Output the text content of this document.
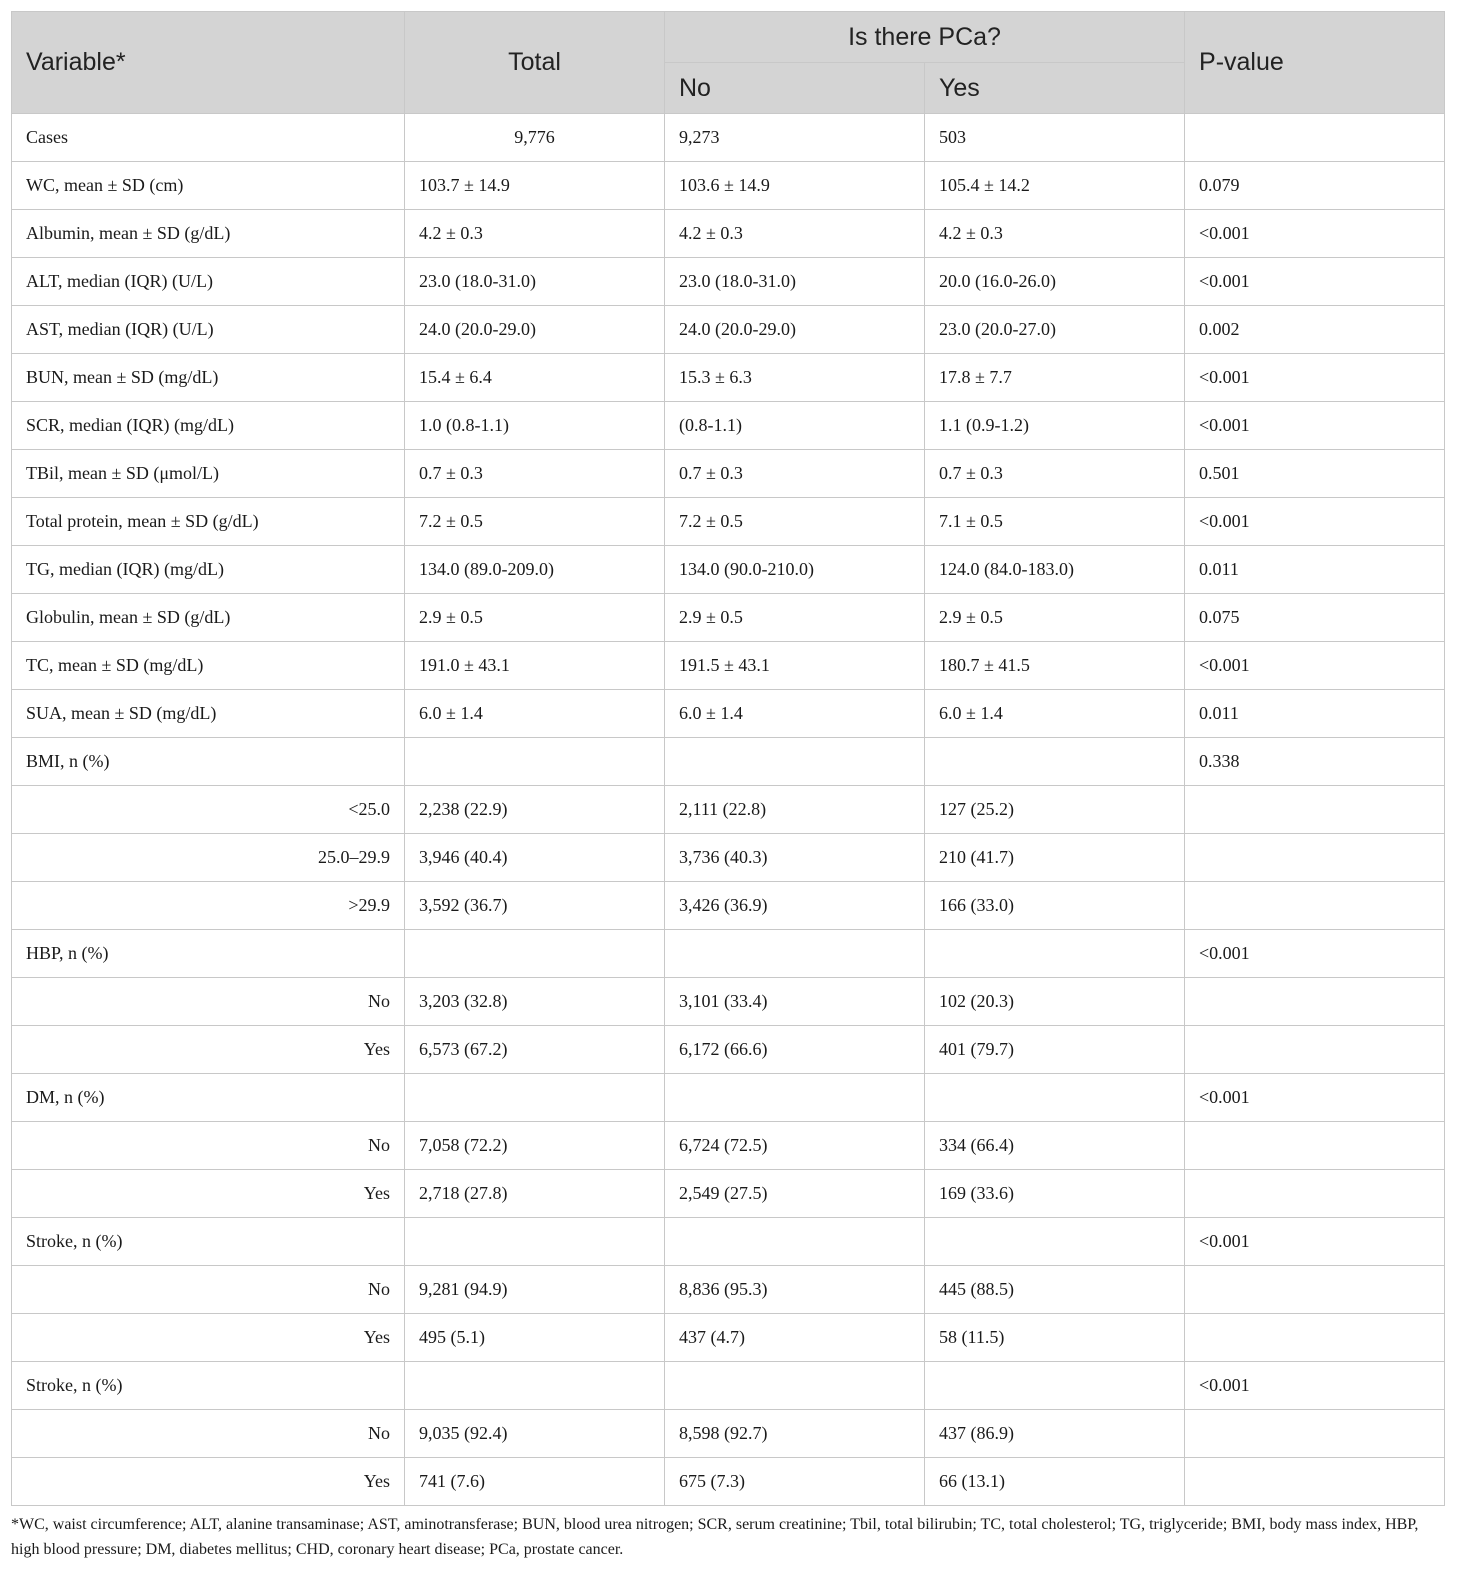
Variable*	Total	Is there PCa?		P-value
		No	Yes	
Cases	9,776	9,273	503	
WC, mean ± SD (cm)	103.7 ± 14.9	103.6 ± 14.9	105.4 ± 14.2	0.079
Albumin, mean ± SD (g/dL)	4.2 ± 0.3	4.2 ± 0.3	4.2 ± 0.3	<0.001
ALT, median (IQR) (U/L)	23.0 (18.0-31.0)	23.0 (18.0-31.0)	20.0 (16.0-26.0)	<0.001
AST, median (IQR) (U/L)	24.0 (20.0-29.0)	24.0 (20.0-29.0)	23.0 (20.0-27.0)	0.002
BUN, mean ± SD (mg/dL)	15.4 ± 6.4	15.3 ± 6.3	17.8 ± 7.7	<0.001
SCR, median (IQR) (mg/dL)	1.0 (0.8-1.1)	(0.8-1.1)	1.1 (0.9-1.2)	<0.001
TBil, mean ± SD (μmol/L)	0.7 ± 0.3	0.7 ± 0.3	0.7 ± 0.3	0.501
Total protein, mean ± SD (g/dL)	7.2 ± 0.5	7.2 ± 0.5	7.1 ± 0.5	<0.001
TG, median (IQR) (mg/dL)	134.0 (89.0-209.0)	134.0 (90.0-210.0)	124.0 (84.0-183.0)	0.011
Globulin, mean ± SD (g/dL)	2.9 ± 0.5	2.9 ± 0.5	2.9 ± 0.5	0.075
TC, mean ± SD (mg/dL)	191.0 ± 43.1	191.5 ± 43.1	180.7 ± 41.5	<0.001
SUA, mean ± SD (mg/dL)	6.0 ± 1.4	6.0 ± 1.4	6.0 ± 1.4	0.011
BMI, n (%)				0.338
<25.0	2,238 (22.9)	2,111 (22.8)	127 (25.2)	
25.0–29.9	3,946 (40.4)	3,736 (40.3)	210 (41.7)	
>29.9	3,592 (36.7)	3,426 (36.9)	166 (33.0)	
HBP, n (%)				<0.001
No	3,203 (32.8)	3,101 (33.4)	102 (20.3)	
Yes	6,573 (67.2)	6,172 (66.6)	401 (79.7)	
DM, n (%)				<0.001
No	7,058 (72.2)	6,724 (72.5)	334 (66.4)	
Yes	2,718 (27.8)	2,549 (27.5)	169 (33.6)	
Stroke, n (%)				<0.001
No	9,281 (94.9)	8,836 (95.3)	445 (88.5)	
Yes	495 (5.1)	437 (4.7)	58 (11.5)	
Stroke, n (%)				<0.001
No	9,035 (92.4)	8,598 (92.7)	437 (86.9)	
Yes	741 (7.6)	675 (7.3)	66 (13.1)	
*WC, waist circumference; ALT, alanine transaminase; AST, aminotransferase; BUN, blood urea nitrogen; SCR, serum creatinine; Tbil, total bilirubin; TC, total cholesterol; TG, triglyceride; BMI, body mass index, HBP, high blood pressure; DM, diabetes mellitus; CHD, coronary heart disease; PCa, prostate cancer.
